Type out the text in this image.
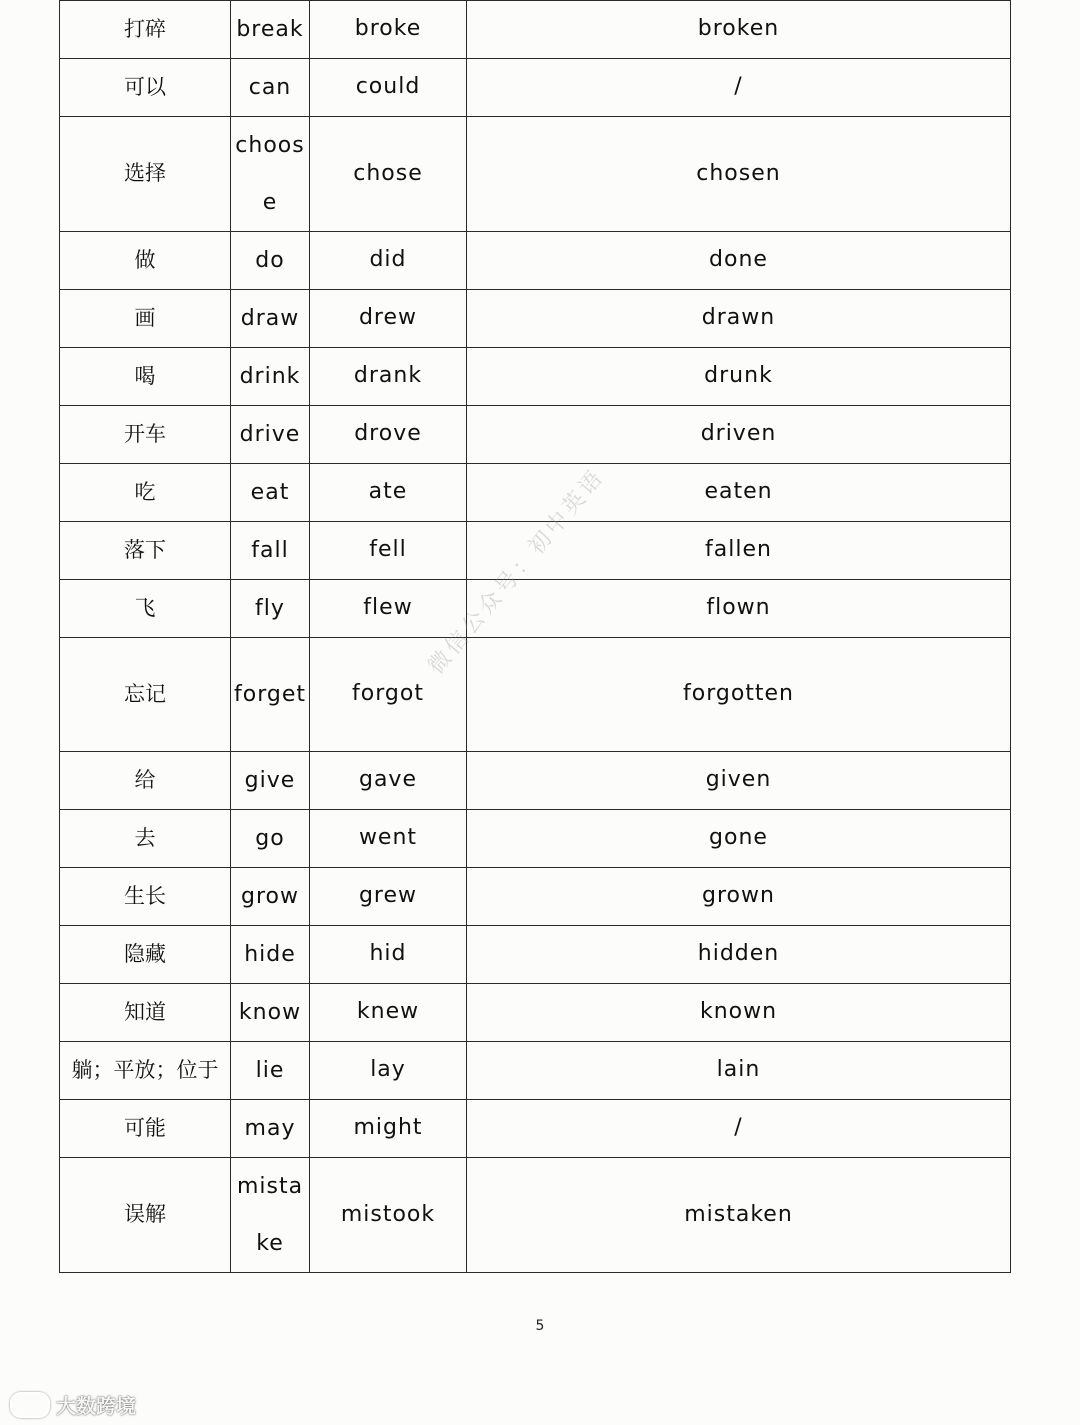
打碎	break	broke	broken
可以	can	could	/
选择	choose	chose	chosen
做	do	did	done
画	draw	drew	drawn
喝	drink	drank	drunk
开车	drive	drove	driven
吃	eat	ate	eaten
落下	fall	fell	fallen
飞	fly	flew	flown
忘记	forget	forgot	forgotten
给	give	gave	given
去	go	went	gone
生长	grow	grew	grown
隐藏	hide	hid	hidden
知道	know	knew	known
躺；平放；位于	lie	lay	lain
可能	may	might	/
误解	mistake	mistook	mistaken
微信公众号：初中英语
5
大数跨境
